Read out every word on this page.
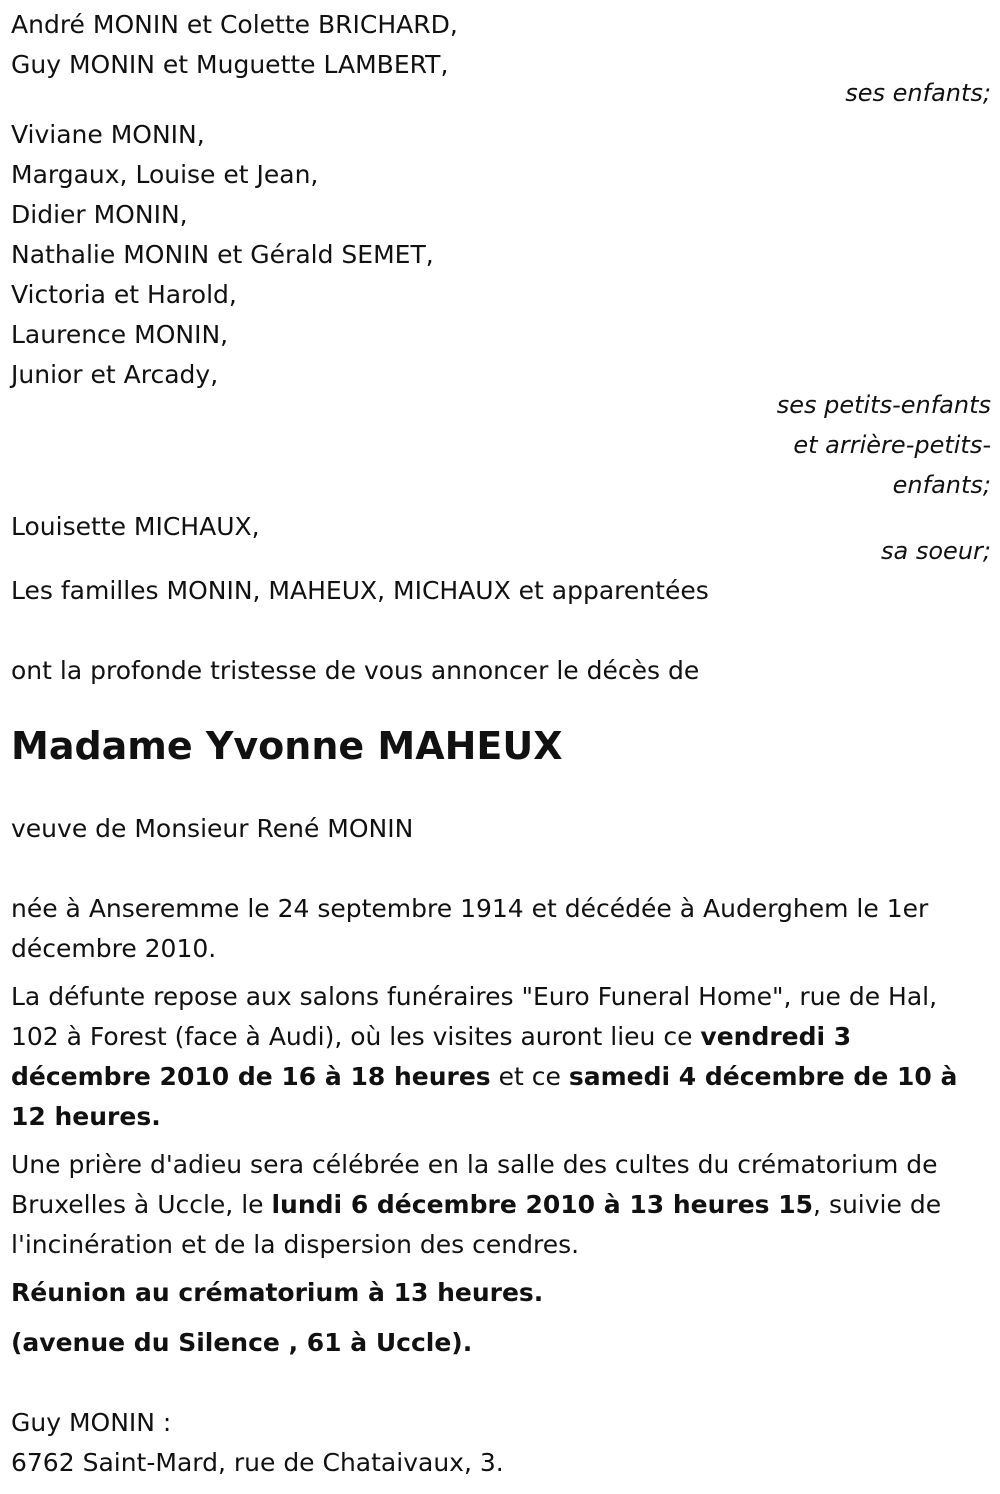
André MONIN et Colette BRICHARD,
Guy MONIN et Muguette LAMBERT,
ses enfants;
Viviane MONIN,
Margaux, Louise et Jean,
Didier MONIN,
Nathalie MONIN et Gérald SEMET,
Victoria et Harold,
Laurence MONIN,
Junior et Arcady,
ses petits-enfants
et arrière-petits-
enfants;
Louisette MICHAUX,
sa soeur;
Les familles MONIN, MAHEUX, MICHAUX et apparentées
ont la profonde tristesse de vous annoncer le décès de
Madame Yvonne MAHEUX
veuve de Monsieur René MONIN
née à Anseremme le 24 septembre 1914 et décédée à Auderghem le 1er décembre 2010.
La défunte repose aux salons funéraires "Euro Funeral Home", rue de Hal, 102 à Forest (face à Audi), où les visites auront lieu ce vendredi 3 décembre 2010 de 16 à 18 heures et ce samedi 4 décembre de 10 à 12 heures.
Une prière d'adieu sera célébrée en la salle des cultes du crématorium de Bruxelles à Uccle, le lundi 6 décembre 2010 à 13 heures 15, suivie de l'incinération et de la dispersion des cendres.
Réunion au crématorium à 13 heures.
(avenue du Silence , 61 à Uccle).
Guy MONIN :
6762 Saint-Mard, rue de Chataivaux, 3.
